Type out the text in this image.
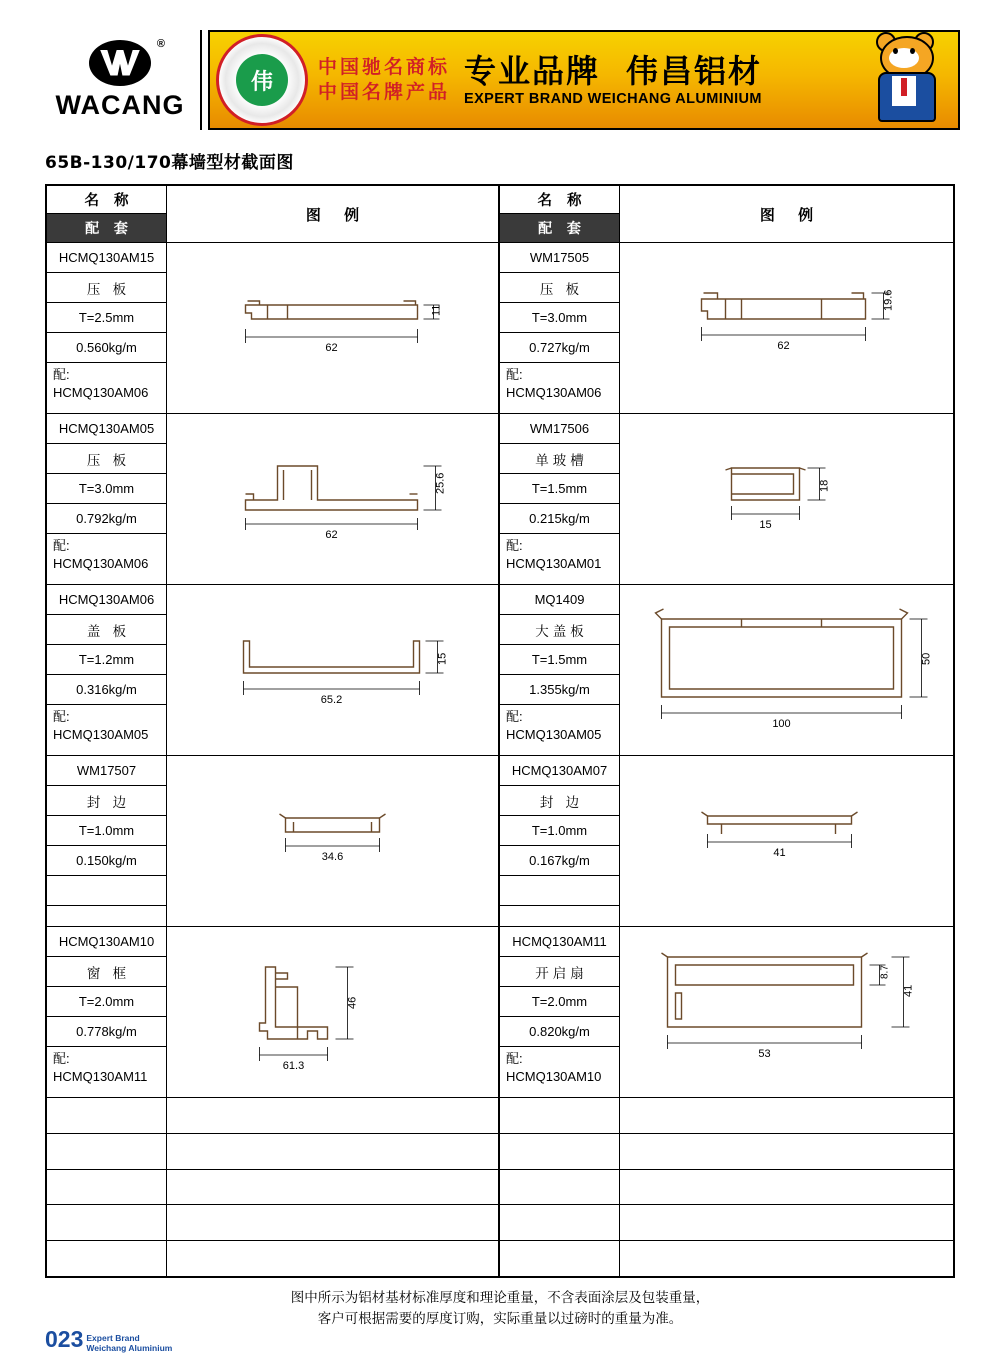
®
WACANG
伟
中国驰名商标
中国名牌产品
专业品牌 伟昌铝材
EXPERT BRAND WEICHANG ALUMINIUM
65B-130/170幕墙型材截面图
名 称
配 套
图 例
HCMQ130AM15
压 板
T=2.5mm
0.560kg/m
配:
HCMQ130AM06
62
11
HCMQ130AM05
压 板
T=3.0mm
0.792kg/m
配:
HCMQ130AM06
62
25.6
HCMQ130AM06
盖 板
T=1.2mm
0.316kg/m
配:
HCMQ130AM05
65.2
15
WM17507
封 边
T=1.0mm
0.150kg/m	34.6
HCMQ130AM10
窗 框
T=2.0mm
0.778kg/m
配:
HCMQ130AM11
61.3
46
名 称
配 套
图 例
WM17505
压 板
T=3.0mm
0.727kg/m
配:
HCMQ130AM06
62
19.6
WM17506
单玻槽
T=1.5mm
0.215kg/m
配:
HCMQ130AM01
15
18
MQ1409
大盖板
T=1.5mm
1.355kg/m
配:
HCMQ130AM05
100
50
HCMQ130AM07
封 边
T=1.0mm
0.167kg/m	41
HCMQ130AM11
开启扇
T=2.0mm
0.820kg/m
配:
HCMQ130AM10
53
8.7
41
图中所示为铝材基材标准厚度和理论重量，不含表面涂层及包装重量，
客户可根据需要的厚度订购，实际重量以过磅时的重量为准。
023 Expert Brand
Weichang Aluminium
